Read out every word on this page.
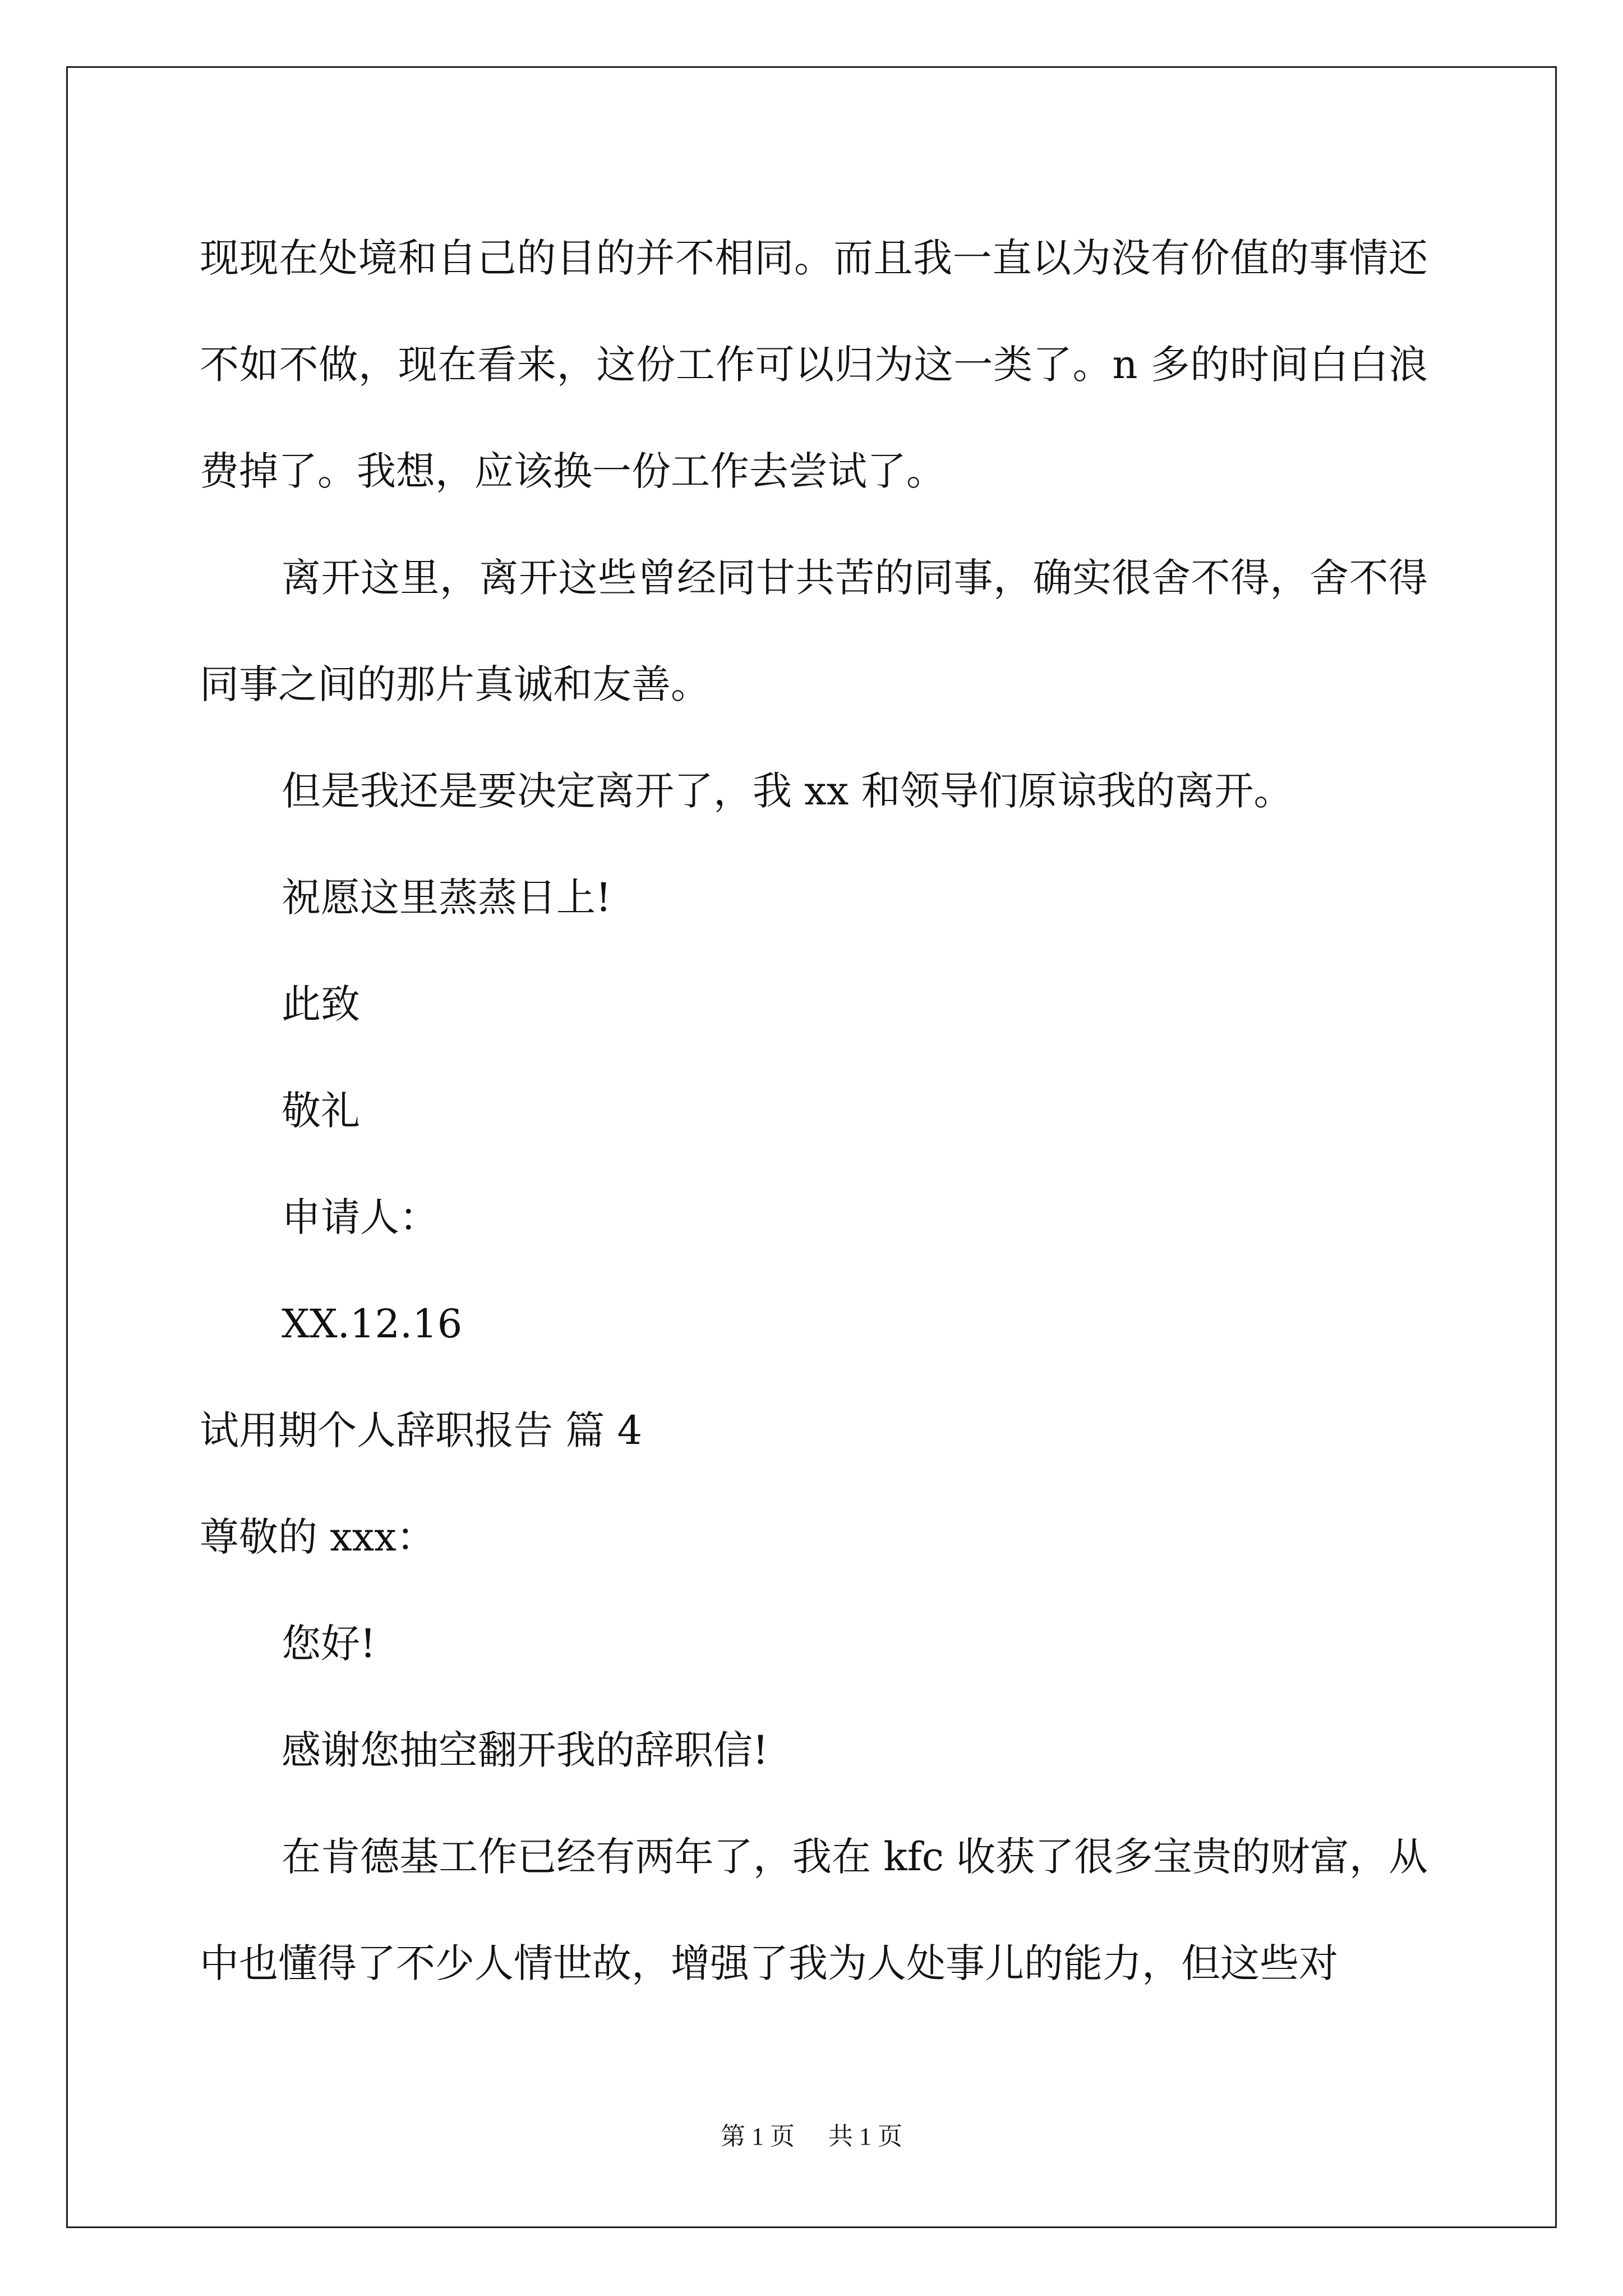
现现在处境和自己的目的并不相同。而且我一直以为没有价值的事情还不如不做，现在看来，这份工作可以归为这一类了。n 多的时间白白浪费掉了。我想，应该换一份工作去尝试了。

离开这里，离开这些曾经同甘共苦的同事，确实很舍不得，舍不得同事之间的那片真诚和友善。

但是我还是要决定离开了，我 xx 和领导们原谅我的离开。

祝愿这里蒸蒸日上!

此致

敬礼

申请人：

XX.12.16

试用期个人辞职报告 篇 4

尊敬的 xxx：

您好!

感谢您抽空翻开我的辞职信!

在肯德基工作已经有两年了，我在 kfc 收获了很多宝贵的财富，从中也懂得了不少人情世故，增强了我为人处事儿的能力，但这些对

第 1 页 共 1 页
